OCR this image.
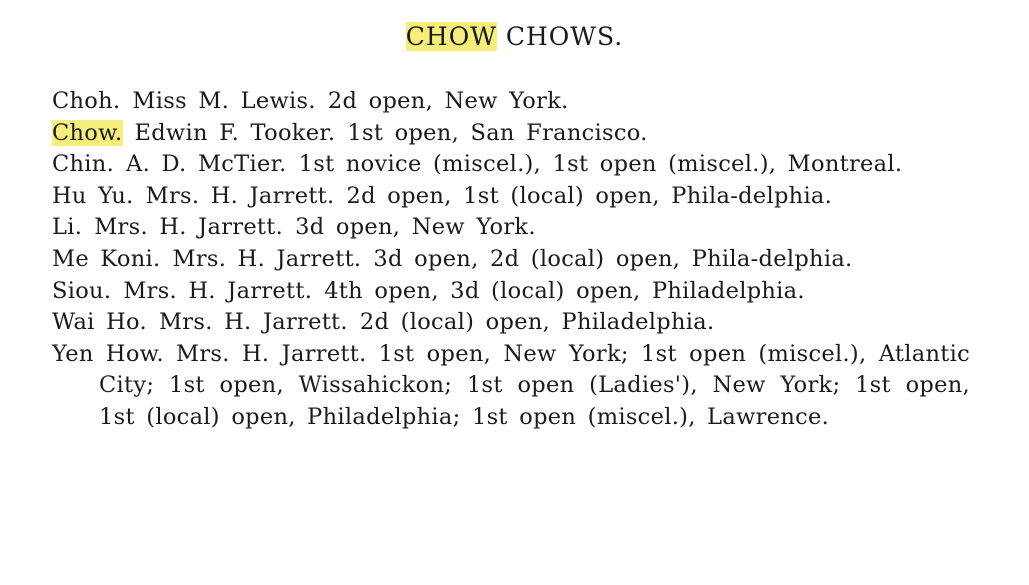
CHOW CHOWS.

Choh. Miss M. Lewis. 2d open, New York.

Chow. Edwin F. Tooker. 1st open, San Francisco.

Chin. A. D. McTier. 1st novice (miscel.), 1st open (miscel.), Montreal.

Hu Yu. Mrs. H. Jarrett. 2d open, 1st (local) open, Phila-delphia.

Li. Mrs. H. Jarrett. 3d open, New York.

Me Koni. Mrs. H. Jarrett. 3d open, 2d (local) open, Phila-delphia.

Siou. Mrs. H. Jarrett. 4th open, 3d (local) open, Philadelphia.

Wai Ho. Mrs. H. Jarrett. 2d (local) open, Philadelphia.

Yen How. Mrs. H. Jarrett. 1st open, New York; 1st open (miscel.), Atlantic City; 1st open, Wissahickon; 1st open (Ladies'), New York; 1st open, 1st (local) open, Philadelphia; 1st open (miscel.), Lawrence.
